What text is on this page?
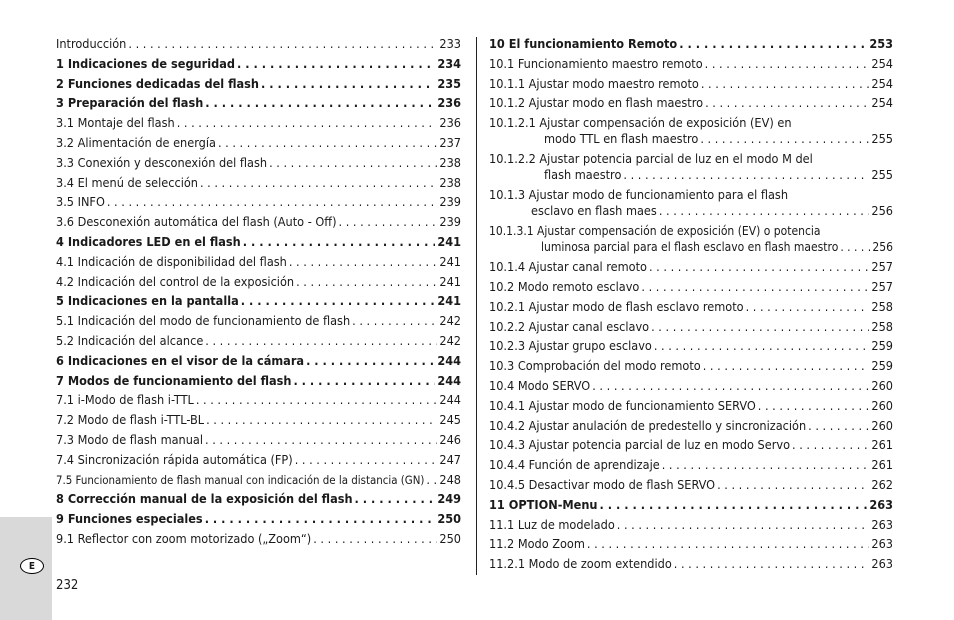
E
232
Introducción . . .	233
1 Indicaciones de seguridad . . .	234
2 Funciones dedicadas del flash . . .	235
3 Preparación del flash . . .	236
3.1 Montaje del flash . . .	236
3.2 Alimentación de energía . . .	237
3.3 Conexión y desconexión del flash . . .	238
3.4 El menú de selección . . .	238
3.5 INFO . . .	239
3.6 Desconexión automática del flash (Auto - Off) . . .	239
4 Indicadores LED en el flash . . .	241
4.1 Indicación de disponibilidad del flash . . .	241
4.2 Indicación del control de la exposición . . .	241
5 Indicaciones en la pantalla . . .	241
5.1 Indicación del modo de funcionamiento de flash . . .	242
5.2 Indicación del alcance . . .	242
6 Indicaciones en el visor de la cámara . . .	244
7 Modos de funcionamiento del flash . . .	244
7.1 i-Modo de flash i-TTL . . .	244
7.2 Modo de flash i-TTL-BL . . .	245
7.3 Modo de flash manual . . .	246
7.4 Sincronización rápida automática (FP) . . .	247
7.5 Funcionamiento de flash manual con indicación de la distancia (GN) . . . 248
8 Corrección manual de la exposición del flash . . .	249
9 Funciones especiales . . .	250
9.1 Reflector con zoom motorizado („Zoom“) . . .	250
10 El funcionamiento Remoto . . .	253
10.1 Funcionamiento maestro remoto . . .	254
10.1.1 Ajustar modo maestro remoto . . .	254
10.1.2 Ajustar modo en flash maestro . . .	254
10.1.2.1 Ajustar compensación de exposición (EV) en
modo TTL en flash maestro . . .	255
10.1.2.2 Ajustar potencia parcial de luz en el modo M del
flash maestro . . .	255
10.1.3 Ajustar modo de funcionamiento para el flash
esclavo en flash maes . . .	256
10.1.3.1 Ajustar compensación de exposición (EV) o potencia
luminosa parcial para el flash esclavo en flash maestro . . .	256
10.1.4 Ajustar canal remoto . . .	257
10.2 Modo remoto esclavo . . .	257
10.2.1 Ajustar modo de flash esclavo remoto . . .	258
10.2.2 Ajustar canal esclavo . . .	258
10.2.3 Ajustar grupo esclavo . . .	259
10.3 Comprobación del modo remoto . . .	259
10.4 Modo SERVO . . .	260
10.4.1 Ajustar modo de funcionamiento SERVO . . .	260
10.4.2 Ajustar anulación de predestello y sincronización . . .	260
10.4.3 Ajustar potencia parcial de luz en modo Servo . . .	261
10.4.4 Función de aprendizaje . . .	261
10.4.5 Desactivar modo de flash SERVO . . .	262
11 OPTION-Menu . . .	263
11.1 Luz de modelado . . .	263
11.2 Modo Zoom . . .	263
11.2.1 Modo de zoom extendido . . .	263
